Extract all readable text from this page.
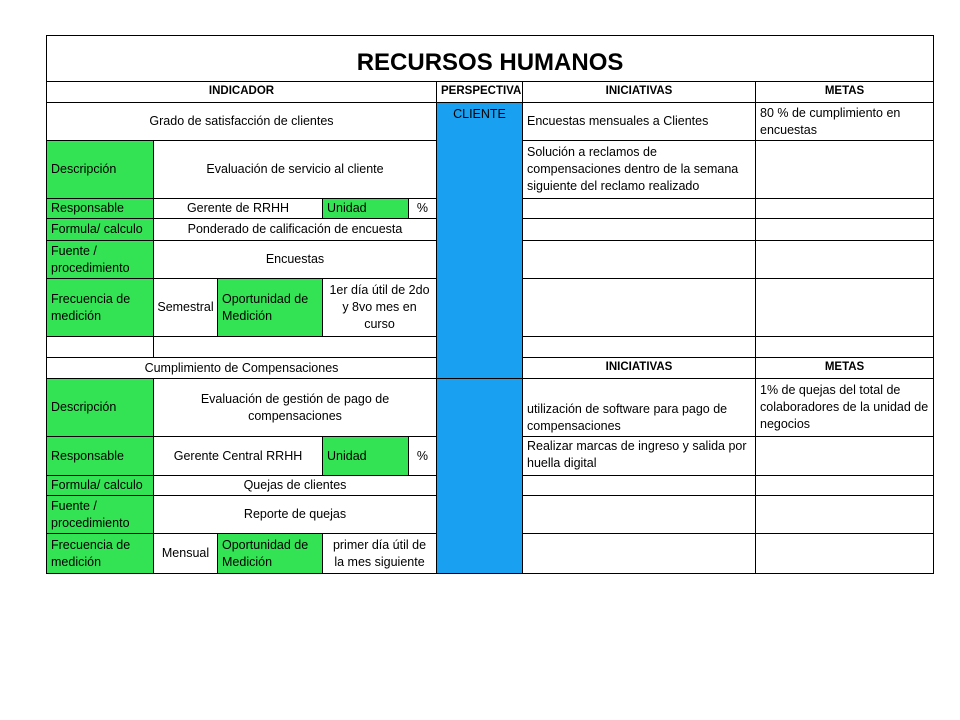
RECURSOS HUMANOS						
INDICADOR				PERSPECTIVA	INICIATIVAS	METAS
Grado de satisfacción de clientes				CLIENTE	Encuestas mensuales a Clientes	80 % de cumplimiento en encuestas
Descripción	Evaluación de servicio al cliente				Solución a reclamos de compensaciones dentro de la semana siguiente del reclamo realizado	
Responsable	Gerente de RRHH		Unidad %			

Formula/ calculo	Ponderado de calificación de encuesta					
Fuente / procedimiento	Encuestas					
Frecuencia de medición	Semestral	Oportunidad de Medición	1er día útil de 2do y 8vo mes en curso			

Cumplimiento de Compensaciones					INICIATIVAS	METAS
Descripción	Evaluación de gestión de pago de compensaciones				utilización de software para pago de compensaciones	1% de quejas del total de colaboradores de la unidad de negocios
Responsable	Gerente Central RRHH		Unidad %		Realizar marcas de ingreso y salida por huella digital	
Formula/ calculo	Quejas de clientes					
Fuente / procedimiento	Reporte de quejas					
Frecuencia de medición	Mensual	Oportunidad de Medición	primer día útil de la mes siguiente			
